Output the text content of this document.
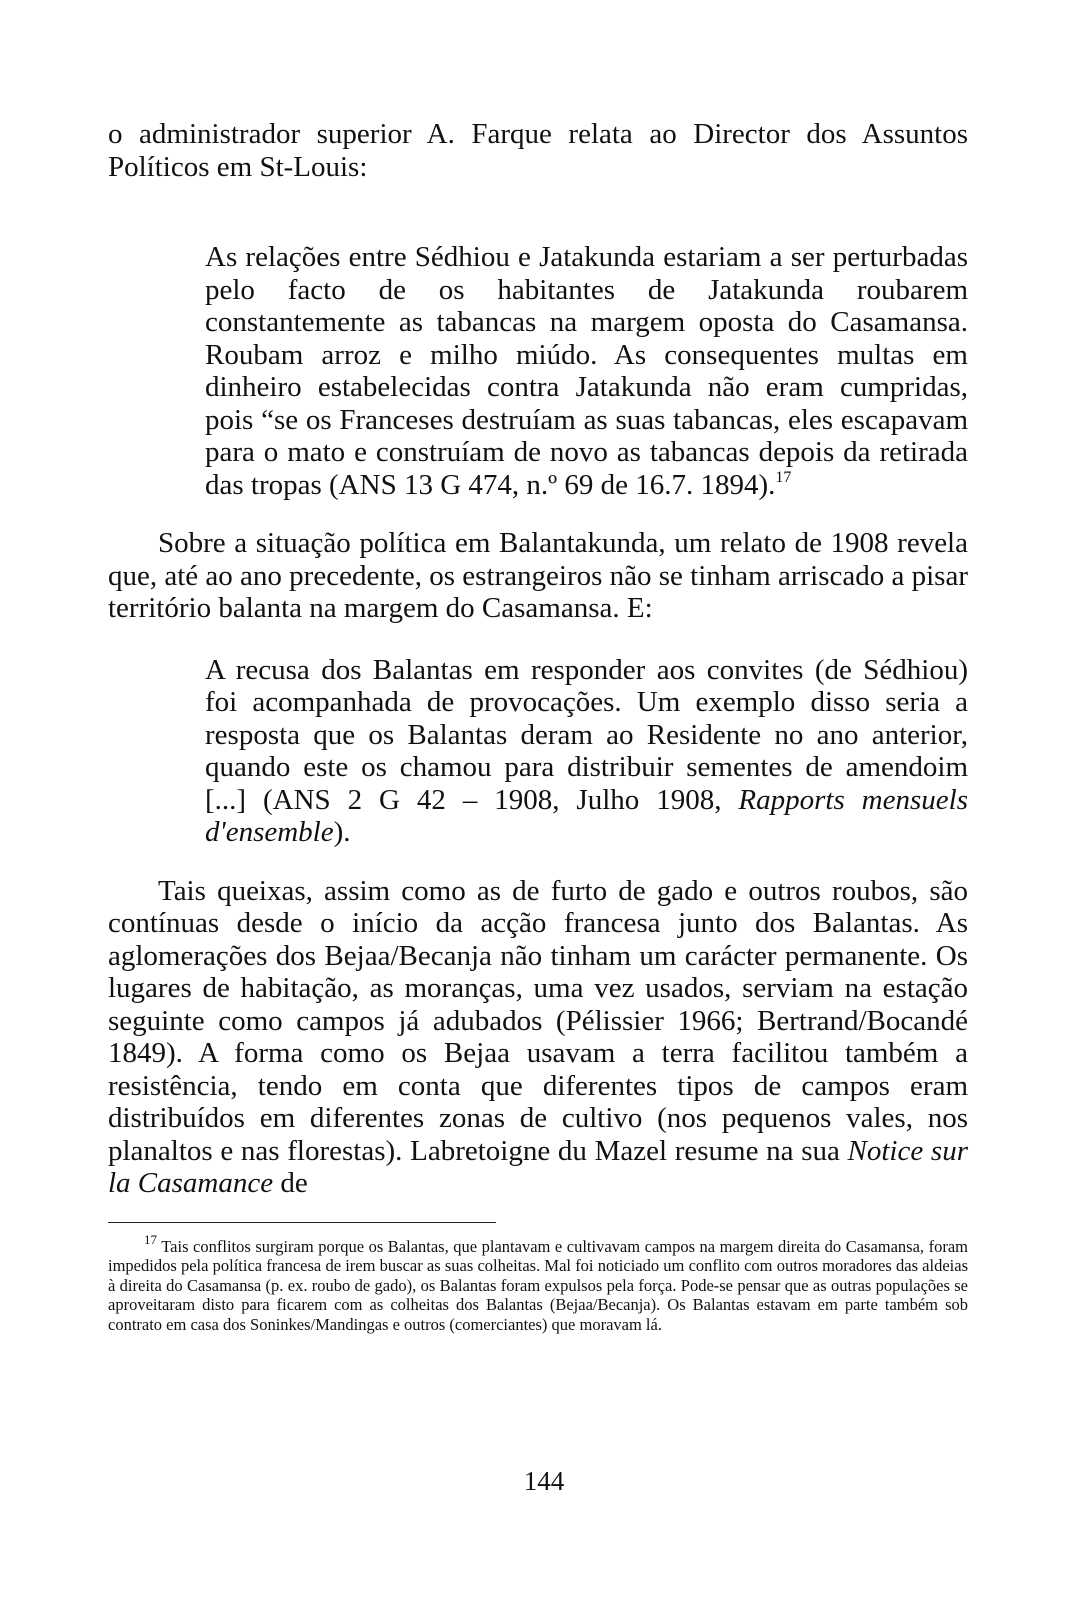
o administrador superior A. Farque relata ao Director dos Assuntos Políticos em St-Louis:

As relações entre Sédhiou e Jatakunda estariam a ser perturbadas pelo facto de os habitantes de Jatakunda roubarem constantemente as tabancas na margem oposta do Casamansa. Roubam arroz e milho miúdo. As consequentes multas em dinheiro estabelecidas contra Jatakunda não eram cumpridas, pois “se os Franceses destruíam as suas tabancas, eles escapavam para o mato e construíam de novo as tabancas depois da retirada das tropas (ANS 13 G 474, n.º 69 de 16.7. 1894).$^{17}$

Sobre a situação política em Balantakunda, um relato de 1908 revela que, até ao ano precedente, os estrangeiros não se tinham arriscado a pisar território balanta na margem do Casamansa. E:

A recusa dos Balantas em responder aos convites (de Sédhiou) foi acompanhada de provocações. Um exemplo disso seria a resposta que os Balantas deram ao Residente no ano anterior, quando este os chamou para distribuir sementes de amendoim [...] (ANS 2 G 42 – 1908, Julho 1908, Rapports mensuels d'ensemble).

Tais queixas, assim como as de furto de gado e outros roubos, são contínuas desde o início da acção francesa junto dos Balantas. As aglomerações dos Bejaa/Becanja não tinham um carácter permanente. Os lugares de habitação, as moranças, uma vez usados, serviam na estação seguinte como campos já adubados (Pélissier 1966; Bertrand/Bocandé 1849). A forma como os Bejaa usavam a terra facilitou também a resistência, tendo em conta que diferentes tipos de campos eram distribuídos em diferentes zonas de cultivo (nos pequenos vales, nos planaltos e nas florestas). Labretoigne du Mazel resume na sua Notice sur la Casamance de

$^{17}$ Tais conflitos surgiram porque os Balantas, que plantavam e cultivavam campos na margem direita do Casamansa, foram impedidos pela política francesa de irem buscar as suas colheitas. Mal foi noticiado um conflito com outros moradores das aldeias à direita do Casamansa (p. ex. roubo de gado), os Balantas foram expulsos pela força. Pode-se pensar que as outras populações se aproveitaram disto para ficarem com as colheitas dos Balantas (Bejaa/Becanja). Os Balantas estavam em parte também sob contrato em casa dos Soninkes/Mandingas e outros (comerciantes) que moravam lá.

144
